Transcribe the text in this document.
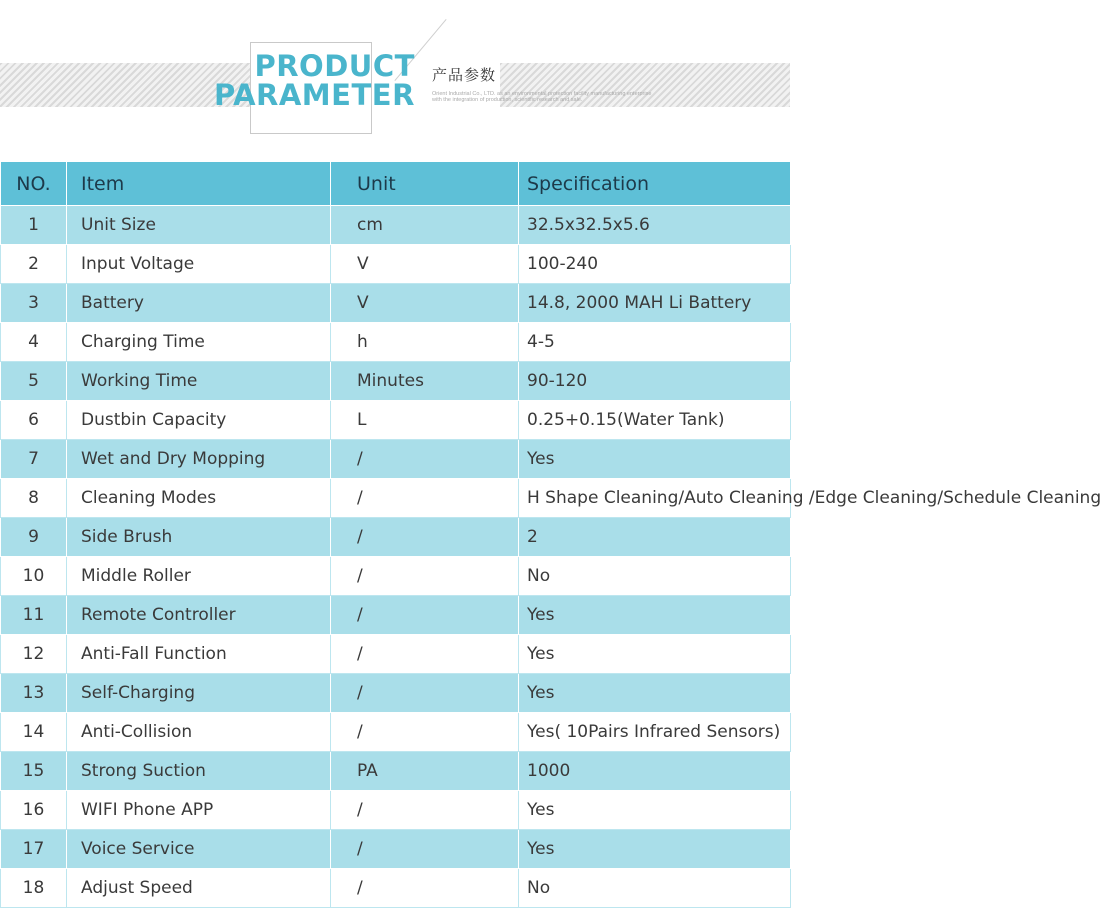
PRODUCT
PARAMETER
产品参数
Orient Industrial Co., LTD. as an environmental protection facility manufacturing enterprise with the integration of production, scientific research and sale.
NO.	Item	Unit	Specification
1	Unit Size	cm	32.5x32.5x5.6
2	Input Voltage	V	100-240
3	Battery	V	14.8, 2000 MAH Li Battery
4	Charging Time	h	4-5
5	Working Time	Minutes	90-120
6	Dustbin Capacity	L	0.25+0.15(Water Tank)
7	Wet and Dry Mopping	/	Yes
8	Cleaning Modes	/	H Shape Cleaning/Auto Cleaning /Edge Cleaning/Schedule Cleaning
9	Side Brush	/	2
10	Middle Roller	/	No
11	Remote Controller	/	Yes
12	Anti-Fall Function	/	Yes
13	Self-Charging	/	Yes
14	Anti-Collision	/	Yes( 10Pairs Infrared Sensors)
15	Strong Suction	PA	1000
16	WIFI Phone APP	/	Yes
17	Voice Service	/	Yes
18	Adjust Speed	/	No
